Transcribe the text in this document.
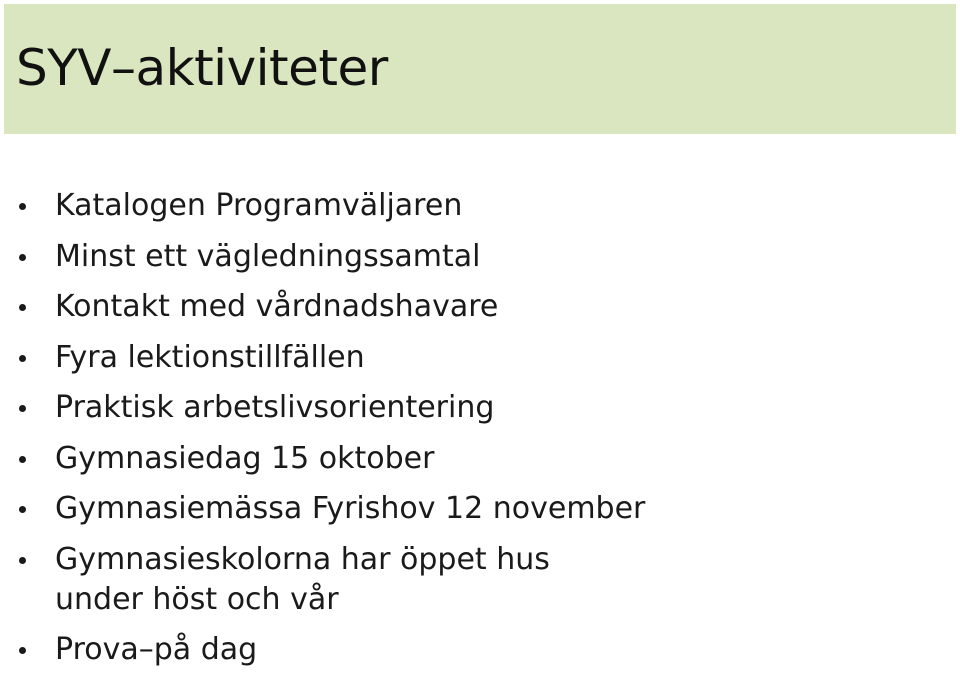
SYV–aktiviteter
Katalogen Programväljaren
Minst ett vägledningssamtal
Kontakt med vårdnadshavare
Fyra lektionstillfällen
Praktisk arbetslivsorientering
Gymnasiedag 15 oktober
Gymnasiemässa Fyrishov 12 november
Gymnasieskolorna har öppet hus
under höst och vår
Prova–på dag
